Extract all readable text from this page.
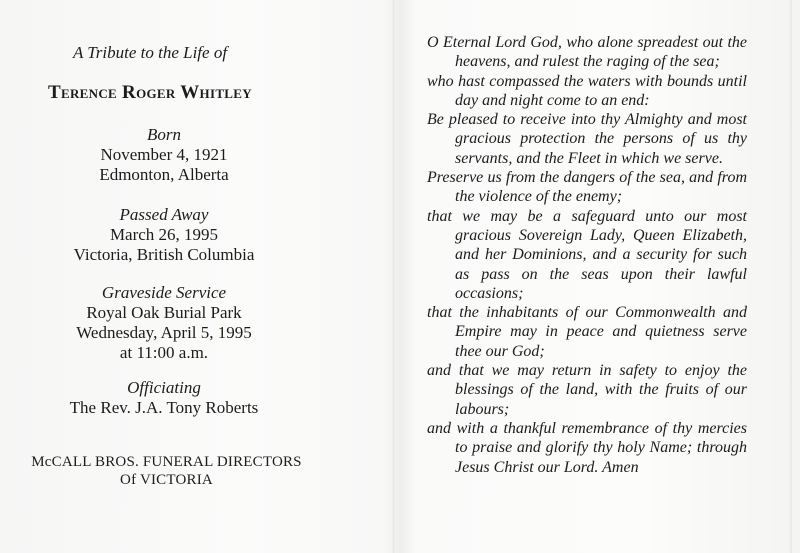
A Tribute to the Life of
Terence Roger Whitley
Born
November 4, 1921
Edmonton, Alberta
Passed Away
March 26, 1995
Victoria, British Columbia
Graveside Service
Royal Oak Burial Park
Wednesday, April 5, 1995
at 11:00 a.m.
Officiating
The Rev. J.A. Tony Roberts
McCALL BROS. FUNERAL DIRECTORS
Of VICTORIA

O Eternal Lord God, who alone spreadest out the heavens, and rulest the raging of the sea;

who hast compassed the waters with bounds until day and night come to an end:

Be pleased to receive into thy Almighty and most gracious protection the persons of us thy servants, and the Fleet in which we serve.

Preserve us from the dangers of the sea, and from the violence of the enemy;

that we may be a safeguard unto our most gracious Sovereign Lady, Queen Elizabeth, and her Dominions, and a security for such as pass on the seas upon their lawful occasions;

that the inhabitants of our Commonwealth and Empire may in peace and quietness serve thee our God;

and that we may return in safety to enjoy the blessings of the land, with the fruits of our labours;

and with a thankful remembrance of thy mercies to praise and glorify thy holy Name; through Jesus Christ our Lord. Amen
